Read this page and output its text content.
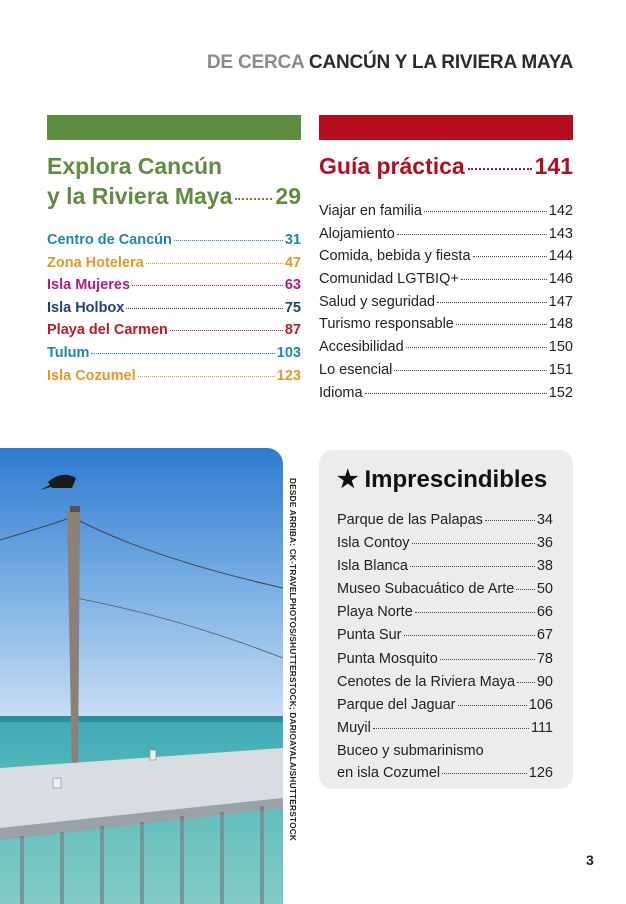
DE CERCA CANCÚN Y LA RIVIERA MAYA
Explora Cancún
y la Riviera Maya 29
Guía práctica	141
Centro de Cancún	31
Zona Hotelera	47
Isla Mujeres	63
Isla Holbox	75
Playa del Carmen	87
Tulum	103
Isla Cozumel	123
Viajar en familia	142
Alojamiento	143
Comida, bebida y fiesta	144
Comunidad LGTBIQ+	146
Salud y seguridad	147
Turismo responsable	148
Accesibilidad	150
Lo esencial	151
Idioma	152
DESDE ARRIBA: CK-TRAVELPHOTOS/SHUTTERSTOCK; DARIOAYALA/SHUTTERSTOCK ★ Imprescindibles
Parque de las Palapas	34
Isla Contoy	36
Isla Blanca	38
Museo Subacuático de Arte 50
Playa Norte	66
Punta Sur	67
Punta Mosquito	78
Cenotes de la Riviera Maya 90
Parque del Jaguar	106
Muyil	111
Buceo y submarinismo
en isla Cozumel	126
3
